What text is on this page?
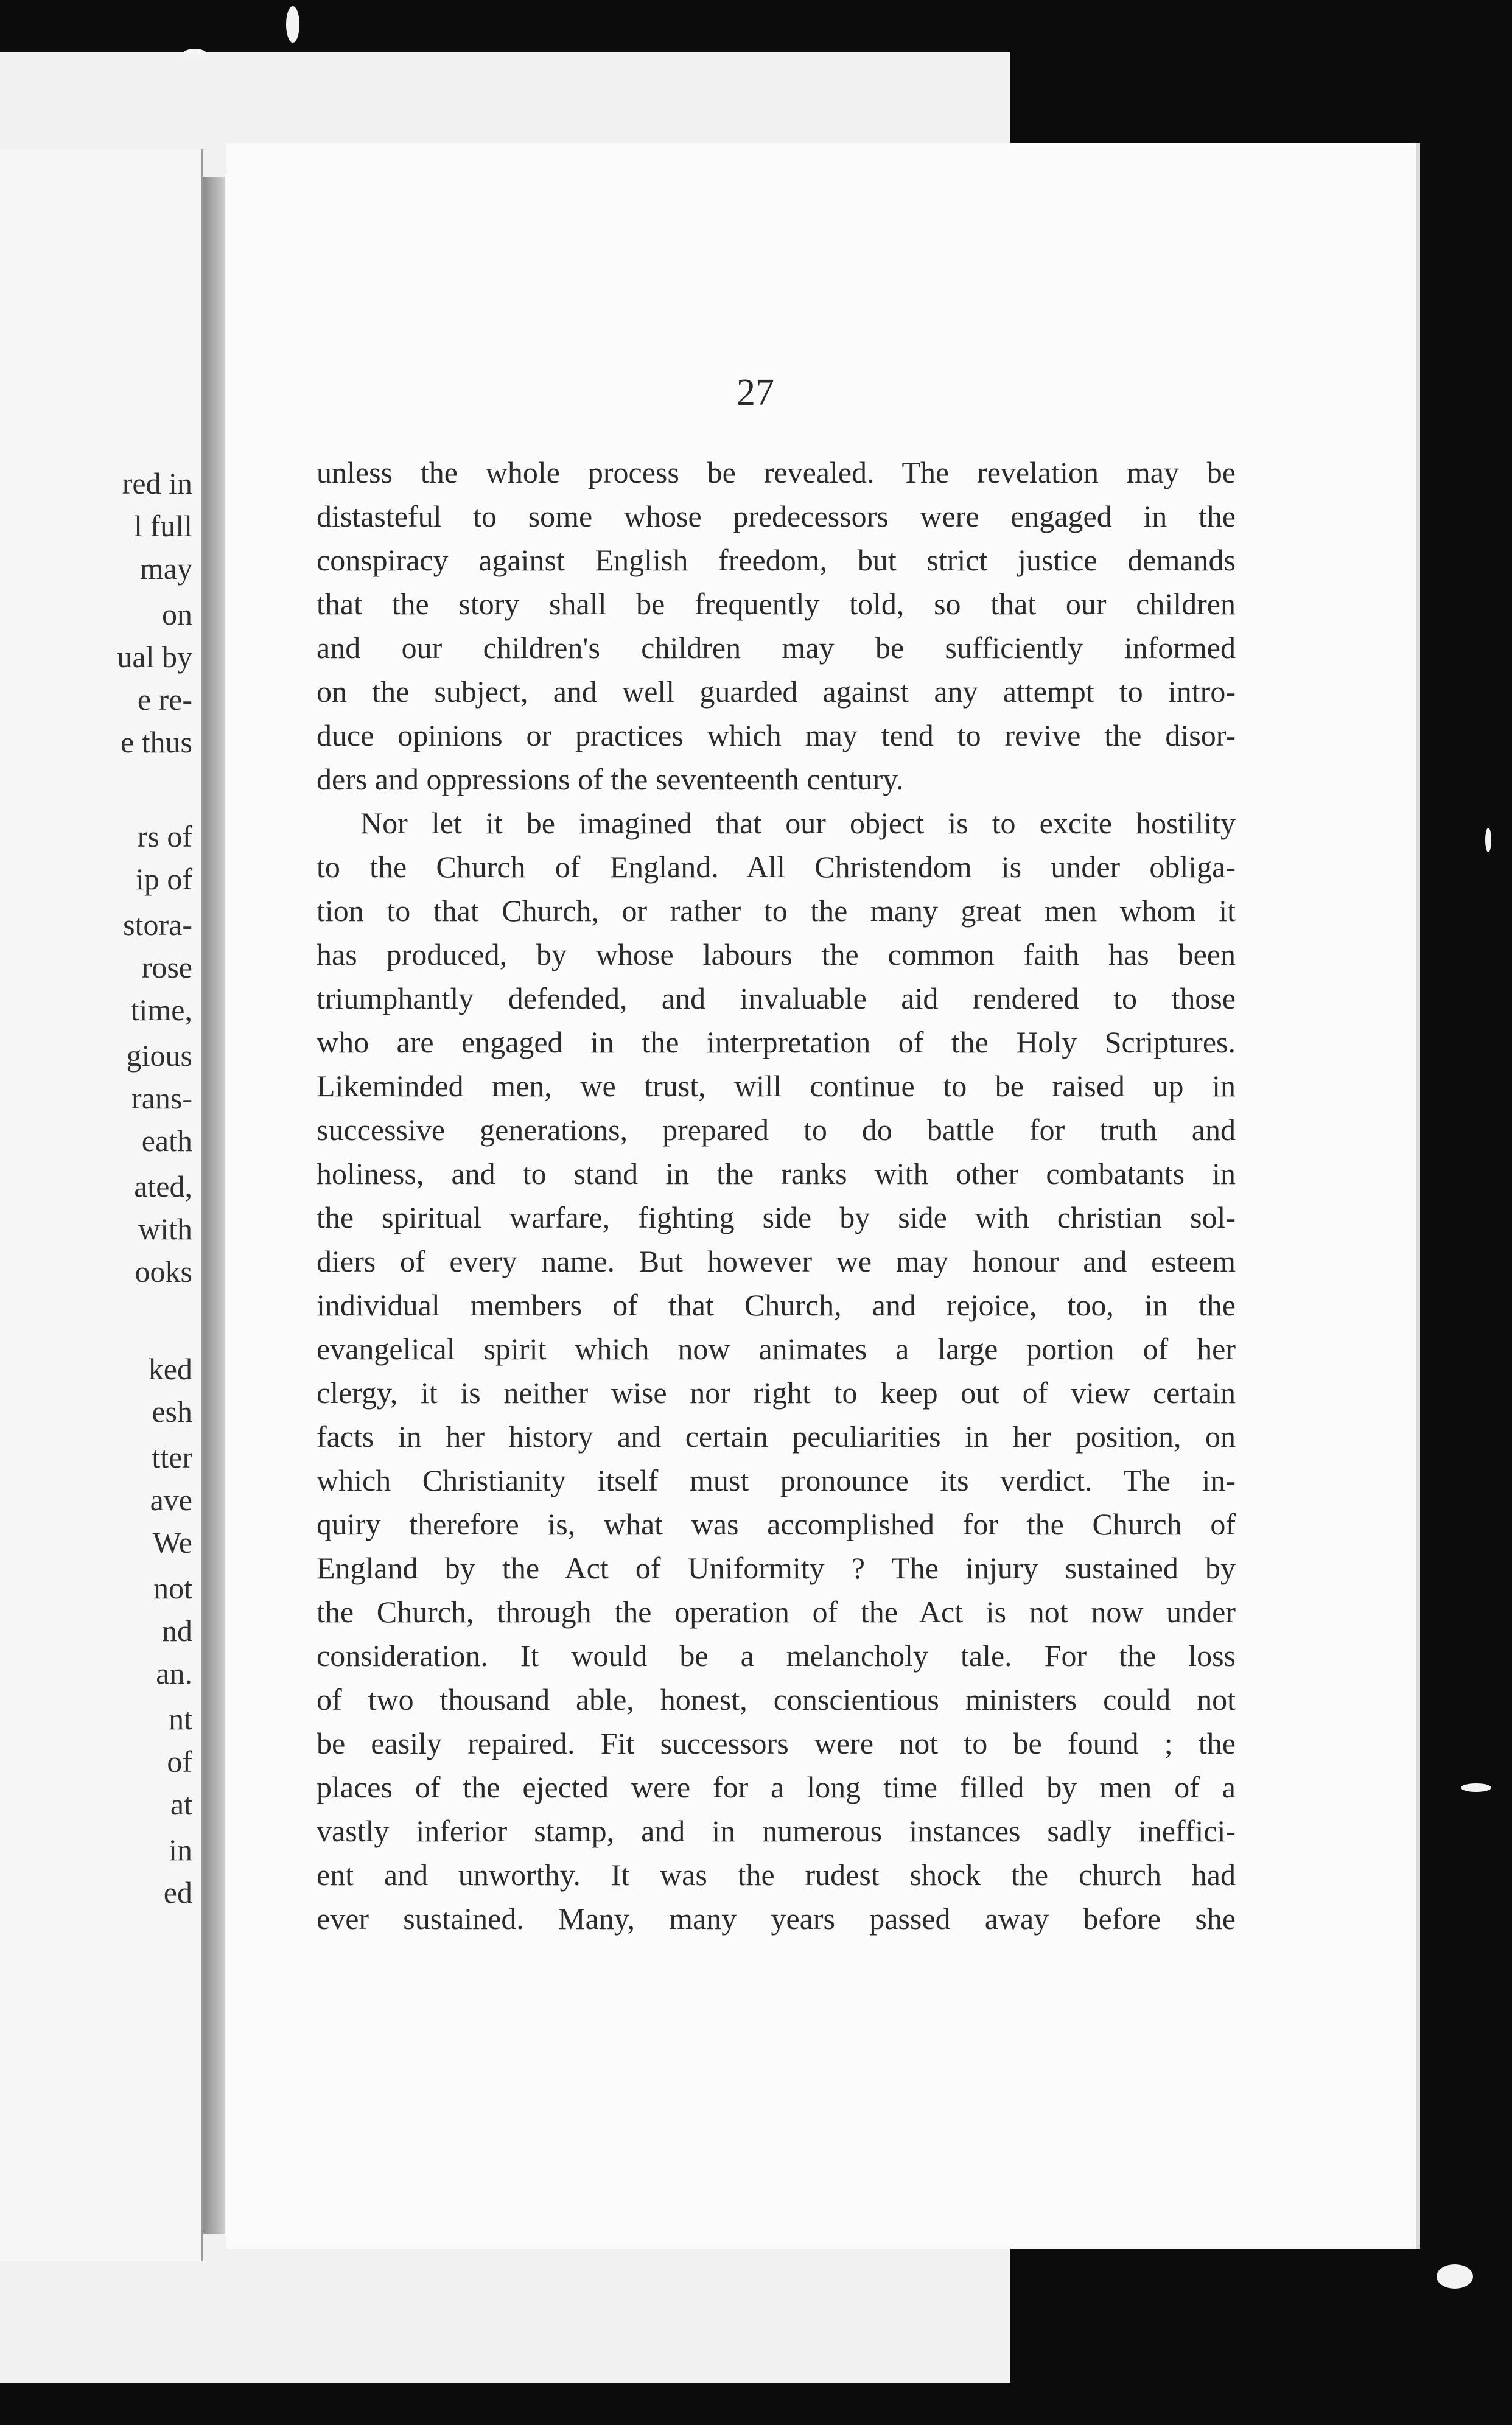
red in
l full
may
on
ual by
e re-
e thus
rs of
ip of
stora-
rose
time,
gious
rans-
eath
ated,
with
ooks
ked
esh
tter
ave
We
not
nd
an.
nt
of
at
in
ed
27
unless the whole process be revealed. The revelation may be
distasteful to some whose predecessors were engaged in the
conspiracy against English freedom, but strict justice demands
that the story shall be frequently told, so that our children
and our children's children may be sufficiently informed
on the subject, and well guarded against any attempt to intro-
duce opinions or practices which may tend to revive the disor-
ders and oppressions of the seventeenth century.
Nor let it be imagined that our object is to excite hostility
to the Church of England. All Christendom is under obliga-
tion to that Church, or rather to the many great men whom it
has produced, by whose labours the common faith has been
triumphantly defended, and invaluable aid rendered to those
who are engaged in the interpretation of the Holy Scriptures.
Likeminded men, we trust, will continue to be raised up in
successive generations, prepared to do battle for truth and
holiness, and to stand in the ranks with other combatants in
the spiritual warfare, fighting side by side with christian sol-
diers of every name. But however we may honour and esteem
individual members of that Church, and rejoice, too, in the
evangelical spirit which now animates a large portion of her
clergy, it is neither wise nor right to keep out of view certain
facts in her history and certain peculiarities in her position, on
which Christianity itself must pronounce its verdict. The in-
quiry therefore is, what was accomplished for the Church of
England by the Act of Uniformity ? The injury sustained by
the Church, through the operation of the Act is not now under
consideration. It would be a melancholy tale. For the loss
of two thousand able, honest, conscientious ministers could not
be easily repaired. Fit successors were not to be found ; the
places of the ejected were for a long time filled by men of a
vastly inferior stamp, and in numerous instances sadly ineffici-
ent and unworthy. It was the rudest shock the church had
ever sustained. Many, many years passed away before she
